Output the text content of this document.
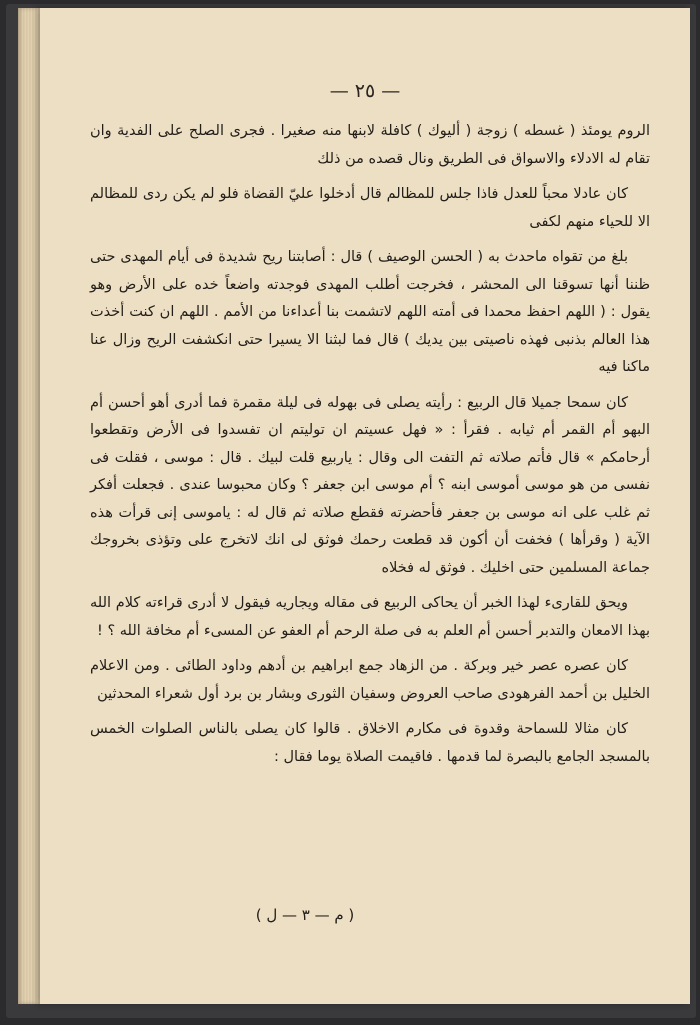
— ٢٥ —

الروم يومئذ ( غسطه ) زوجة ( أليوك ) كافلة لابنها منه صغيرا . فجرى الصلح على الفدية وان تقام له الادلاء والاسواق فى الطريق ونال قصده من ذلك

كان عادلا محباً للعدل فاذا جلس للمظالم قال أدخلوا عليّ القضاة فلو لم يكن ردى للمظالم الا للحياء منهم لكفى

بلغ من تقواه ماحدث به ( الحسن الوصيف ) قال : أصابتنا ريح شديدة فى أيام المهدى حتى ظننا أنها تسوقنا الى المحشر ، فخرجت أطلب المهدى فوجدته واضعاً خده على الأرض وهو يقول : ( اللهم احفظ محمدا فى أمته اللهم لاتشمت بنا أعداءنا من الأمم . اللهم ان كنت أخذت هذا العالم بذنبى فهذه ناصيتى بين يديك ) قال فما لبثنا الا يسيرا حتى انكشفت الريح وزال عنا ماكنا فيه

كان سمحا جميلا قال الربيع : رأيته يصلى فى بهوله فى ليلة مقمرة فما أدرى أهو أحسن أم البهو أم القمر أم ثيابه . فقرأ : « فهل عسيتم ان توليتم ان تفسدوا فى الأرض وتقطعوا أرحامكم » قال فأتم صلاته ثم التفت الى وقال : ياربيع قلت لبيك . قال : موسى ، فقلت فى نفسى من هو موسى أموسى ابنه ؟ أم موسى ابن جعفر ؟ وكان محبوسا عندى . فجعلت أفكر ثم غلب على انه موسى بن جعفر فأحضرته فقطع صلاته ثم قال له : ياموسى إنى قرأت هذه الآية ( وقرأها ) فخفت أن أكون قد قطعت رحمك فوثق لى انك لاتخرج على وتؤذى بخروجك جماعة المسلمين حتى اخليك . فوثق له فخلاه

ويحق للقارىء لهذا الخبر أن يحاكى الربيع فى مقاله ويجاريه فيقول لا أدرى قراءته كلام الله بهذا الامعان والتدبر أحسن أم العلم به فى صلة الرحم أم العفو عن المسىء أم مخافة الله ؟ !

كان عصره عصر خير وبركة . من الزهاد جمع ابراهيم بن أدهم وداود الطائى . ومن الاعلام الخليل بن أحمد الفرهودى صاحب العروض وسفيان الثورى وبشار بن برد أول شعراء المحدثين

كان مثالا للسماحة وقدوة فى مكارم الاخلاق . قالوا كان يصلى بالناس الصلوات الخمس بالمسجد الجامع بالبصرة لما قدمها . فاقيمت الصلاة يوما فقال :

( م — ٣ — ل )
